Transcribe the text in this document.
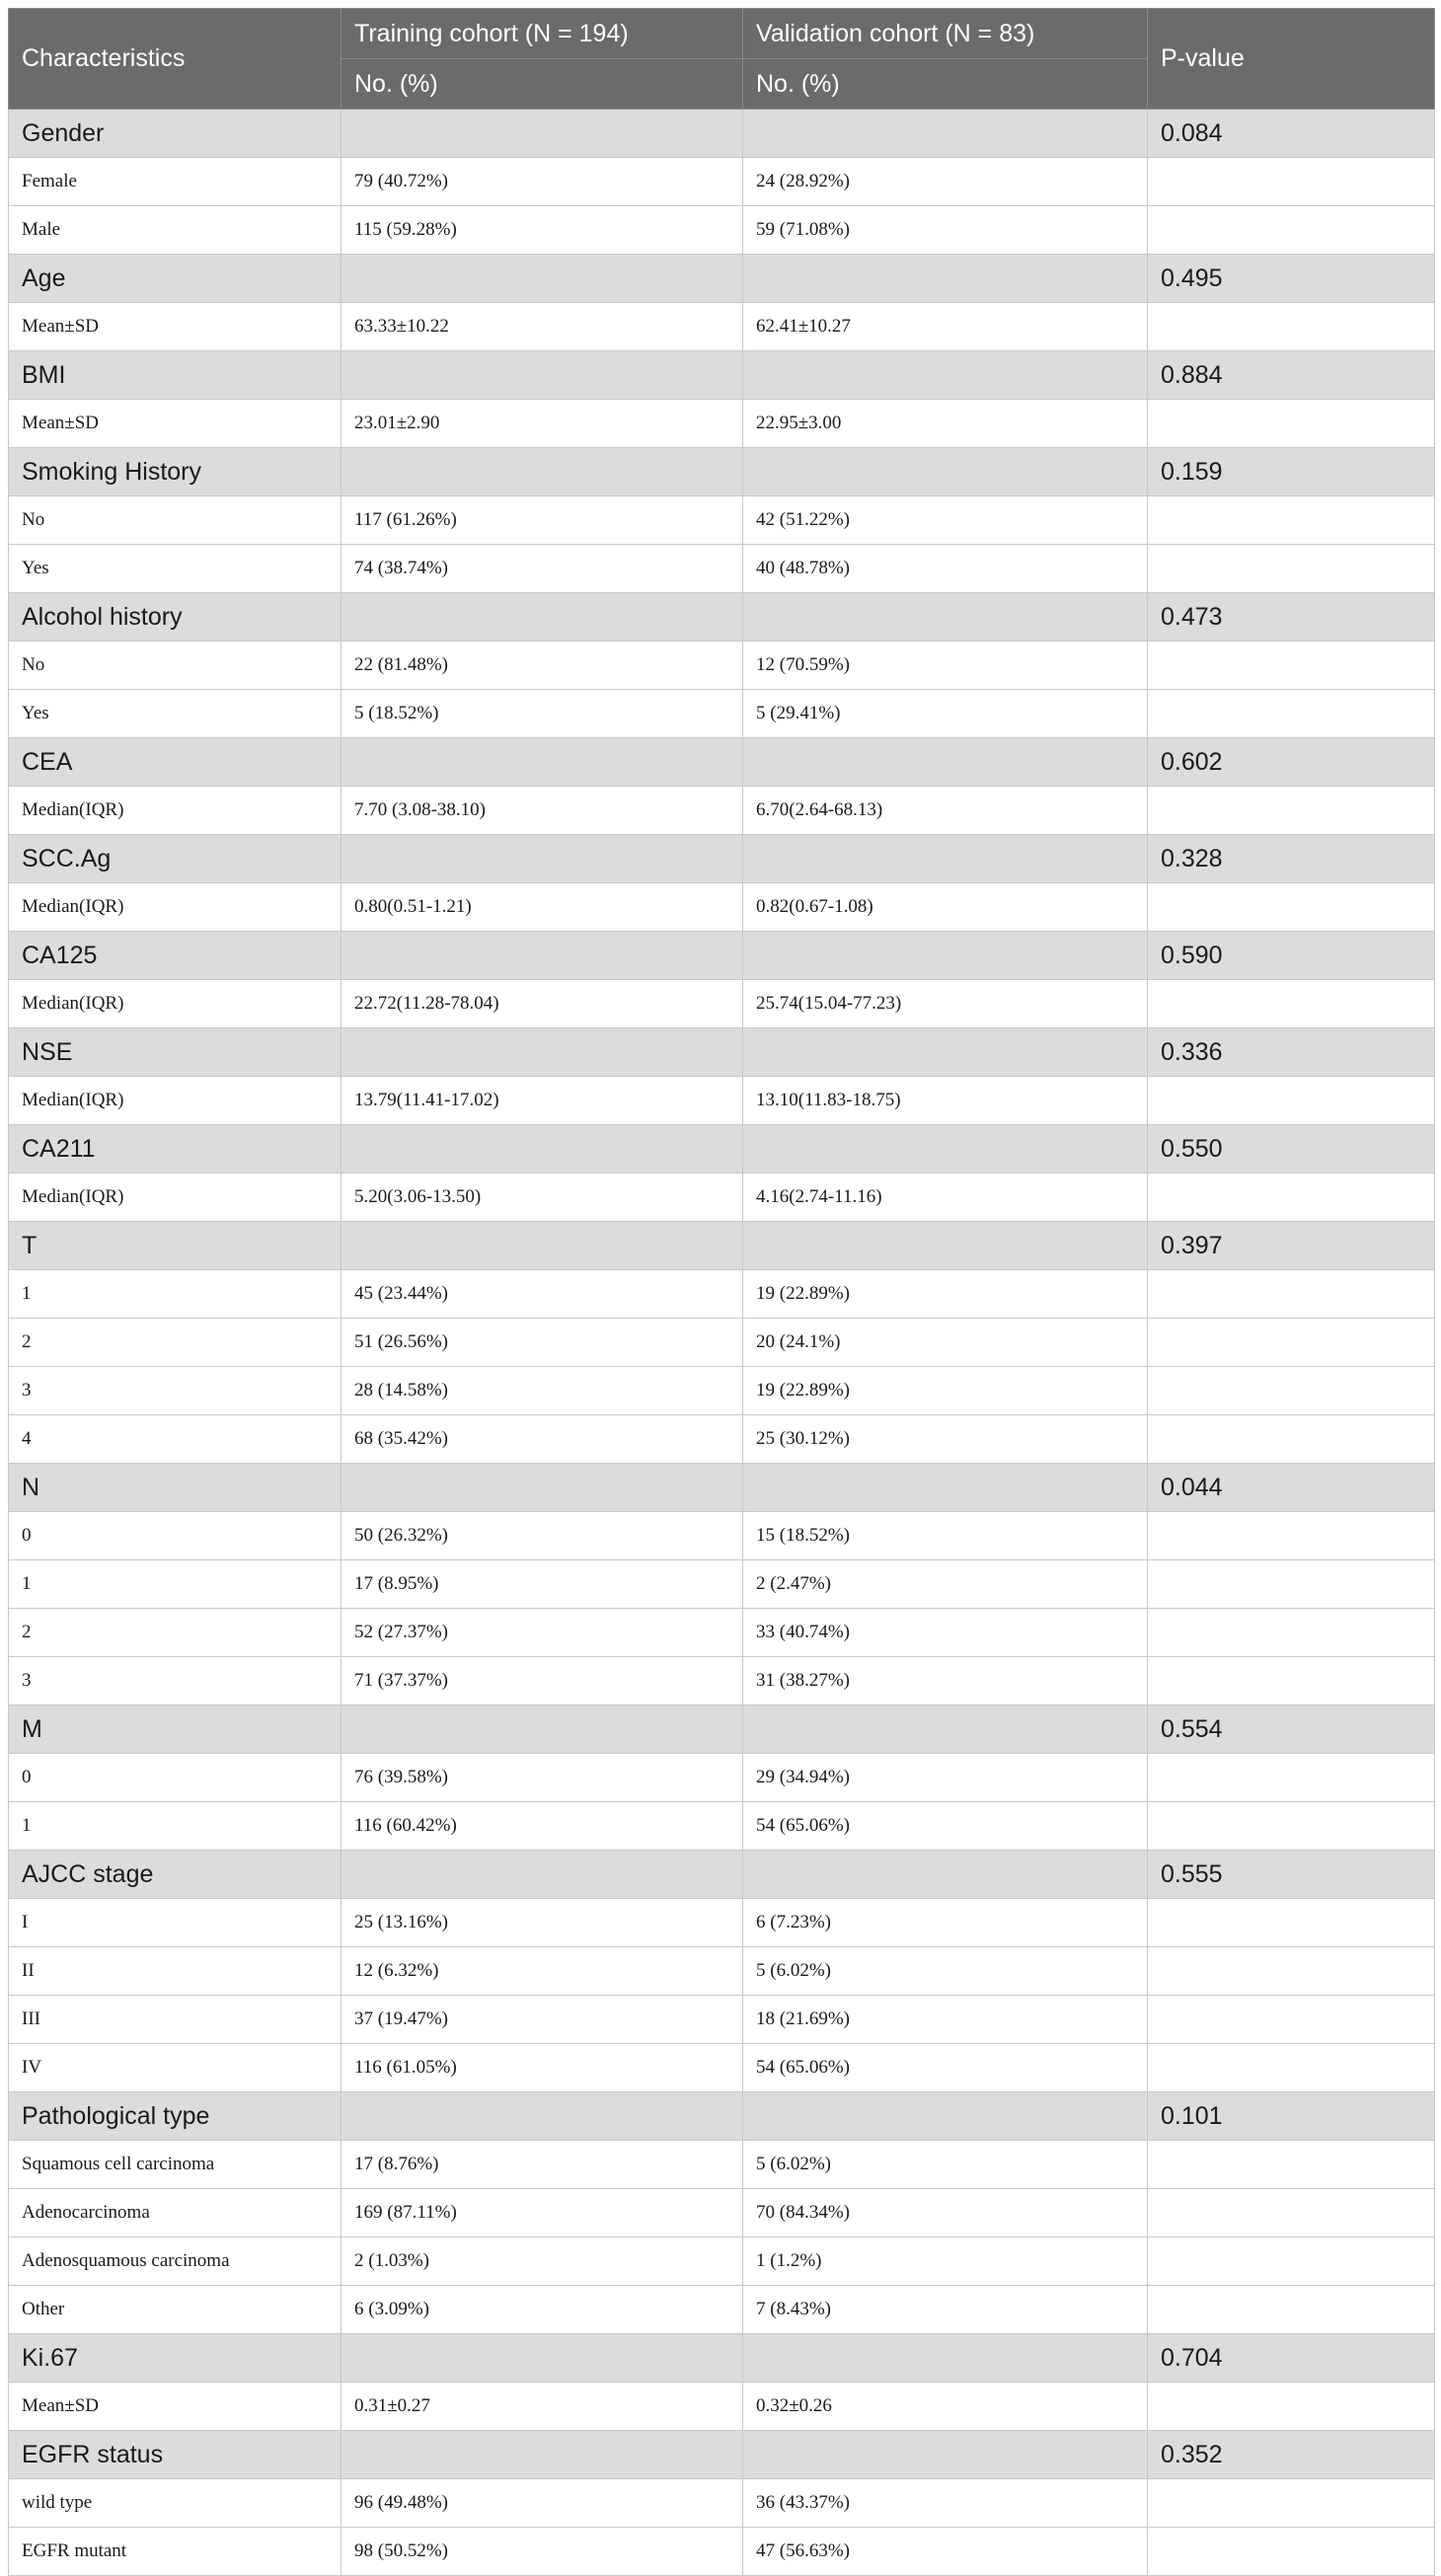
Characteristics	Training cohort (N = 194)	Validation cohort (N = 83)	P-value
	No. (%)	No. (%)	
Gender			0.084
Female	79 (40.72%)	24 (28.92%)	
Male	115 (59.28%)	59 (71.08%)	
Age			0.495
Mean±SD	63.33±10.22	62.41±10.27	
BMI			0.884
Mean±SD	23.01±2.90	22.95±3.00	
Smoking History			0.159
No	117 (61.26%)	42 (51.22%)	
Yes	74 (38.74%)	40 (48.78%)	
Alcohol history			0.473
No	22 (81.48%)	12 (70.59%)	
Yes	5 (18.52%)	5 (29.41%)	
CEA			0.602
Median(IQR)	7.70 (3.08-38.10)	6.70(2.64-68.13)	
SCC.Ag			0.328
Median(IQR)	0.80(0.51-1.21)	0.82(0.67-1.08)	
CA125			0.590
Median(IQR)	22.72(11.28-78.04)	25.74(15.04-77.23)	
NSE			0.336
Median(IQR)	13.79(11.41-17.02)	13.10(11.83-18.75)	
CA211			0.550
Median(IQR)	5.20(3.06-13.50)	4.16(2.74-11.16)	
T			0.397
1	45 (23.44%)	19 (22.89%)	
2	51 (26.56%)	20 (24.1%)	
3	28 (14.58%)	19 (22.89%)	
4	68 (35.42%)	25 (30.12%)	
N			0.044
0	50 (26.32%)	15 (18.52%)	
1	17 (8.95%)	2 (2.47%)	
2	52 (27.37%)	33 (40.74%)	
3	71 (37.37%)	31 (38.27%)	
M			0.554
0	76 (39.58%)	29 (34.94%)	
1	116 (60.42%)	54 (65.06%)	
AJCC stage			0.555
I	25 (13.16%)	6 (7.23%)	
II	12 (6.32%)	5 (6.02%)	
III	37 (19.47%)	18 (21.69%)	
IV	116 (61.05%)	54 (65.06%)	
Pathological type			0.101
Squamous cell carcinoma	17 (8.76%)	5 (6.02%)	
Adenocarcinoma	169 (87.11%)	70 (84.34%)	
Adenosquamous carcinoma	2 (1.03%)	1 (1.2%)	
Other	6 (3.09%)	7 (8.43%)	
Ki.67			0.704
Mean±SD	0.31±0.27	0.32±0.26	
EGFR status			0.352
wild type	96 (49.48%)	36 (43.37%)	
EGFR mutant	98 (50.52%)	47 (56.63%)	
